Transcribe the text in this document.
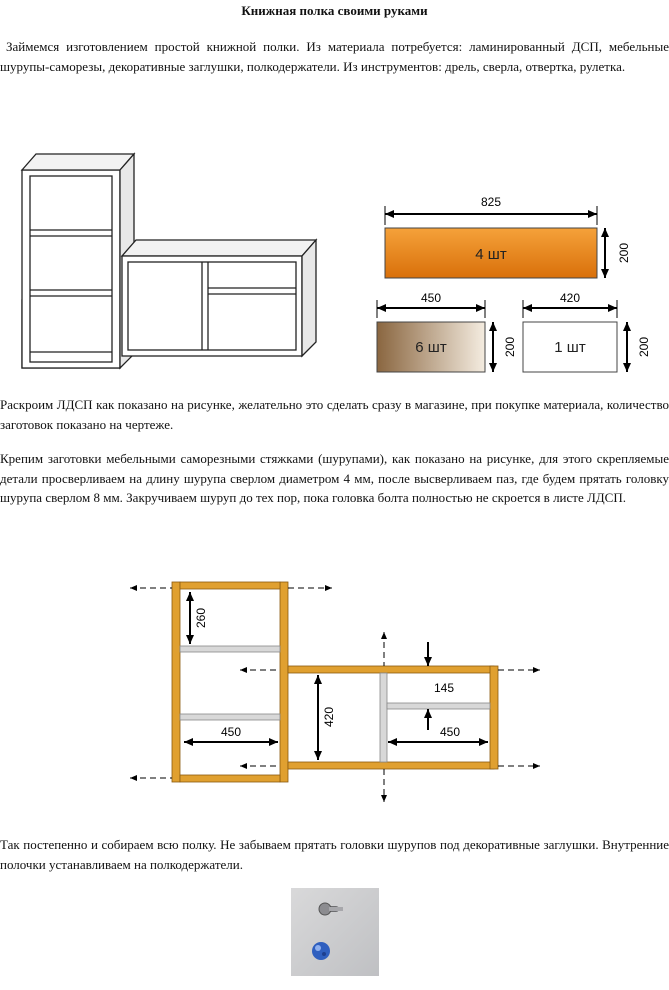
Книжная полка своими руками
Займемся изготовлением простой книжной полки. Из материала потребуется: ламинированный ДСП, мебельные шурупы-саморезы, декоративные заглушки, полкодержатели. Из инструментов: дрель, сверла, отвертка, рулетка.
4 шт
825
200
6 шт
450
200 1 шт
420
200
Раскроим ЛДСП как показано на рисунке, желательно это сделать сразу в магазине, при покупке материала, количество заготовок показано на чертеже.
Крепим заготовки мебельными саморезными стяжками (шурупами), как показано на рисунке, для этого скрепляемые детали просверливаем на длину шурупа сверлом диаметром 4 мм, после высверливаем паз, где будем прятать головку шурупа сверлом 8 мм. Закручиваем шуруп до тех пор, пока головка болта полностью не скроется в листе ЛДСП.
260
450
420
145
450
Так постепенно и собираем всю полку. Не забываем прятать головки шурупов под декоративные заглушки. Внутренние полочки устанавливаем на полкодержатели.
